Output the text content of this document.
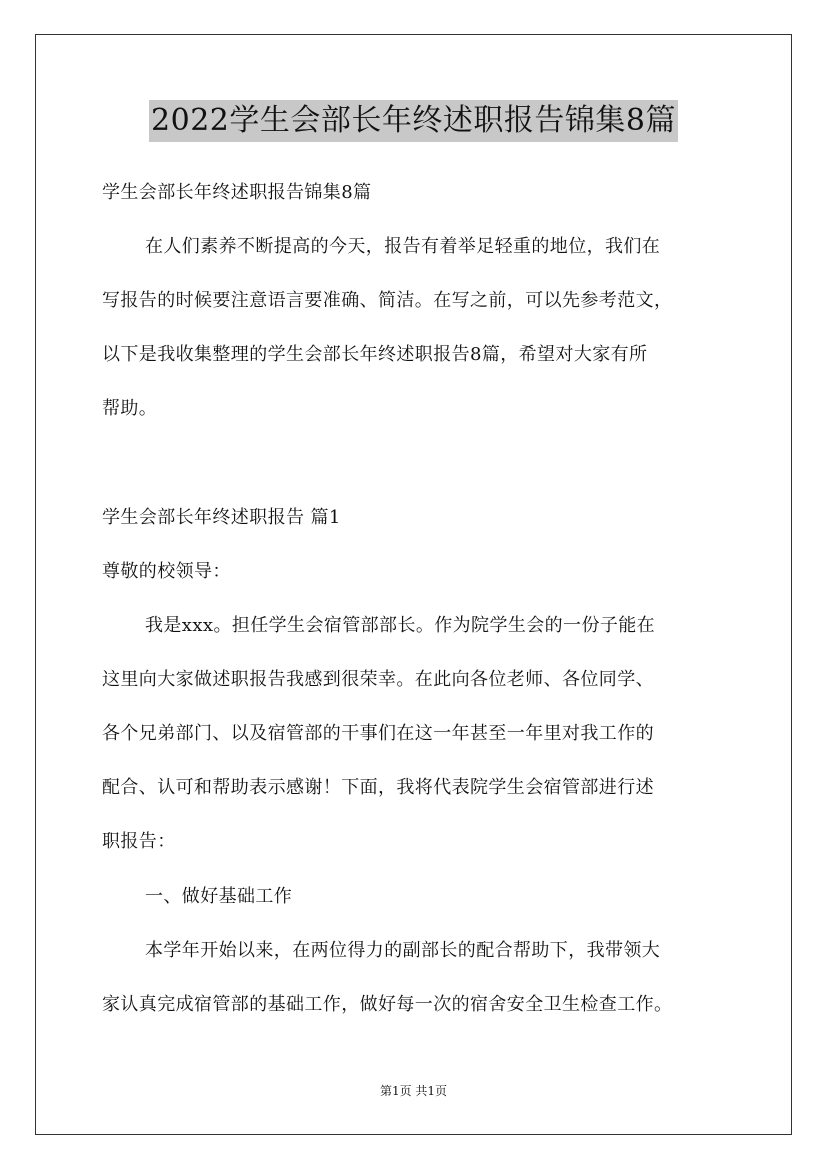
2022学生会部长年终述职报告锦集8篇
学生会部长年终述职报告锦集8篇
在人们素养不断提高的今天，报告有着举足轻重的地位，我们在
写报告的时候要注意语言要准确、简洁。在写之前，可以先参考范文，
以下是我收集整理的学生会部长年终述职报告8篇，希望对大家有所
帮助。
学生会部长年终述职报告 篇1
尊敬的校领导：
我是xxx。担任学生会宿管部部长。作为院学生会的一份子能在
这里向大家做述职报告我感到很荣幸。在此向各位老师、各位同学、
各个兄弟部门、以及宿管部的干事们在这一年甚至一年里对我工作的
配合、认可和帮助表示感谢！下面，我将代表院学生会宿管部进行述
职报告：
一、做好基础工作
本学年开始以来，在两位得力的副部长的配合帮助下，我带领大
家认真完成宿管部的基础工作，做好每一次的宿舍安全卫生检查工作。
第1页 共1页
